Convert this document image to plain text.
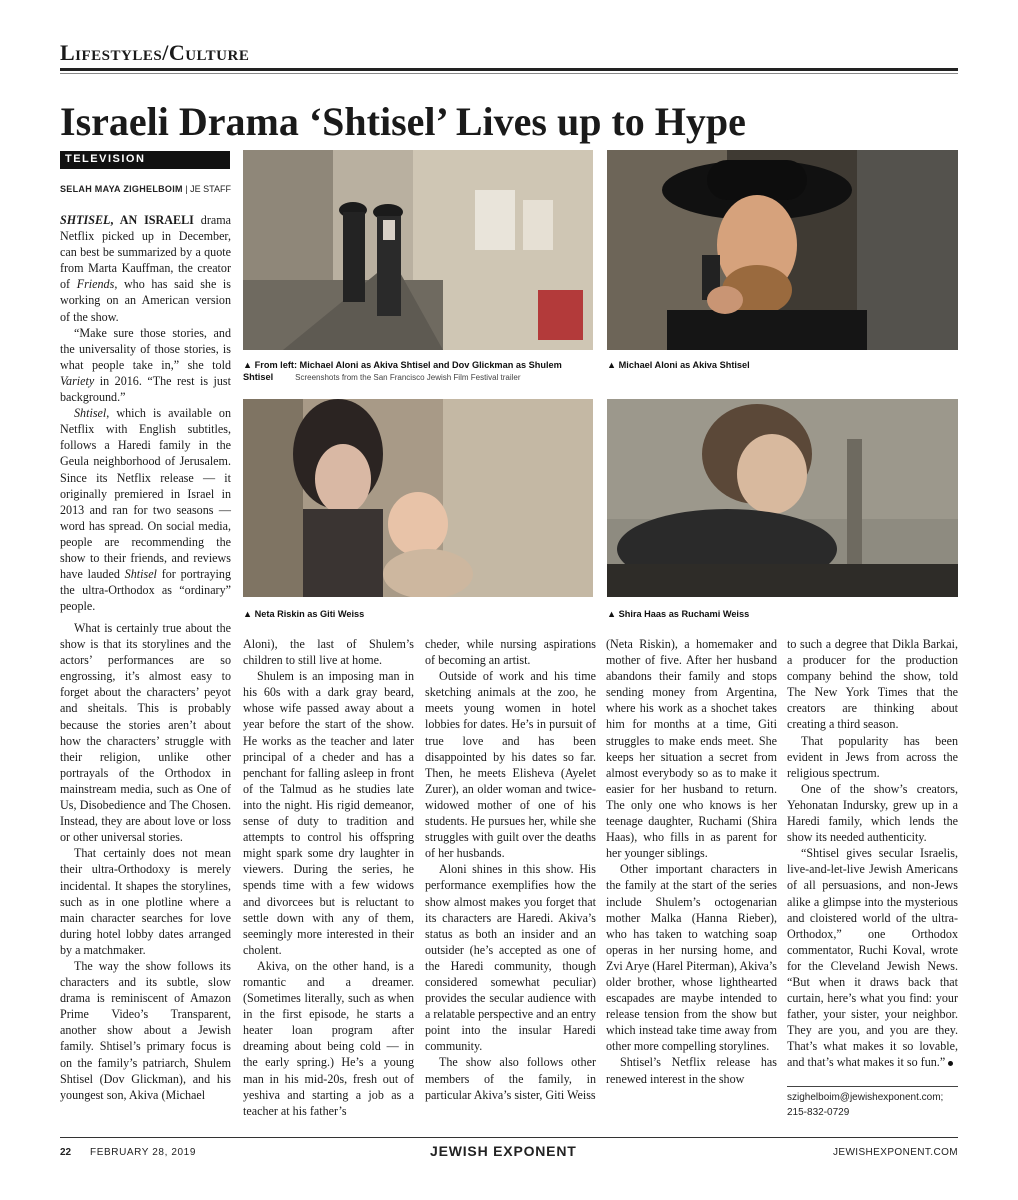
Lifestyles/Culture
Israeli Drama ‘Shtisel’ Lives up to Hype
TELEVISION
SELAH MAYA ZIGHELBOIM | JE STAFF

SHTISEL, AN ISRAELI drama Netflix picked up in December, can best be summarized by a quote from Marta Kauffman, the creator of Friends, who has said she is working on an American version of the show.

“Make sure those stories, and the universality of those stories, is what people take in,” she told Variety in 2016. “The rest is just background.”

Shtisel, which is available on Netflix with English subtitles, follows a Haredi family in the Geula neighborhood of Jerusalem. Since its Netflix release — it originally premiered in Israel in 2013 and ran for two seasons — word has spread. On social media, people are recommending the show to their friends, and reviews have lauded Shtisel for portraying the ultra-Orthodox as “ordinary” people.

What is certainly true about the show is that its storylines and the actors’ performances are so engrossing, it’s almost easy to forget about the characters’ peyot and sheitals. This is probably because the stories aren’t about how the characters’ struggle with their religion, unlike other portrayals of the Orthodox in mainstream media, such as One of Us, Disobedience and The Chosen. Instead, they are about love or loss or other universal stories.

That certainly does not mean their ultra-Orthodoxy is merely incidental. It shapes the storylines, such as in one plotline where a main character searches for love during hotel lobby dates arranged by a matchmaker.

The way the show follows its characters and its subtle, slow drama is reminiscent of Amazon Prime Video’s Transparent, another show about a Jewish family. Shtisel’s primary focus is on the family’s patriarch, Shulem Shtisel (Dov Glickman), and his youngest son, Akiva (Michael

▲ From left: Michael Aloni as Akiva Shtisel and Dov Glickman as Shulem Shtisel	Screenshots from the San Francisco Jewish Film Festival trailer
▲ Michael Aloni as Akiva Shtisel
▲ Neta Riskin as Giti Weiss	▲ Shira Haas as Ruchami Weiss

Aloni), the last of Shulem’s children to still live at home.

Shulem is an imposing man in his 60s with a dark gray beard, whose wife passed away about a year before the start of the show. He works as the teacher and later principal of a cheder and has a penchant for falling asleep in front of the Talmud as he studies late into the night. His rigid demeanor, sense of duty to tradition and attempts to control his offspring might spark some dry laughter in viewers. During the series, he spends time with a few widows and divorcees but is reluctant to settle down with any of them, seemingly more interested in their cholent.

Akiva, on the other hand, is a romantic and a dreamer. (Sometimes literally, such as when in the first episode, he starts a heater loan program after dreaming about being cold — in the early spring.) He’s a young man in his mid-20s, fresh out of yeshiva and starting a job as a teacher at his father’s

cheder, while nursing aspirations of becoming an artist.

Outside of work and his time sketching animals at the zoo, he meets young women in hotel lobbies for dates. He’s in pursuit of true love and has been disappointed by his dates so far. Then, he meets Elisheva (Ayelet Zurer), an older woman and twice-widowed mother of one of his students. He pursues her, while she struggles with guilt over the deaths of her husbands.

Aloni shines in this show. His performance exemplifies how the show almost makes you forget that its characters are Haredi. Akiva’s status as both an insider and an outsider (he’s accepted as one of the Haredi community, though considered somewhat peculiar) provides the secular audience with a relatable perspective and an entry point into the insular Haredi community.

The show also follows other members of the family, in particular Akiva’s sister, Giti Weiss

(Neta Riskin), a homemaker and mother of five. After her husband abandons their family and stops sending money from Argentina, where his work as a shochet takes him for months at a time, Giti struggles to make ends meet. She keeps her situation a secret from almost everybody so as to make it easier for her husband to return. The only one who knows is her teenage daughter, Ruchami (Shira Haas), who fills in as parent for her younger siblings.

Other important characters in the family at the start of the series include Shulem’s octogenarian mother Malka (Hanna Rieber), who has taken to watching soap operas in her nursing home, and Zvi Arye (Harel Piterman), Akiva’s older brother, whose lighthearted escapades are maybe intended to release tension from the show but which instead take time away from other more compelling storylines.

Shtisel’s Netflix release has renewed interest in the show

to such a degree that Dikla Barkai, a producer for the production company behind the show, told The New York Times that the creators are thinking about creating a third season.

That popularity has been evident in Jews from across the religious spectrum.

One of the show’s creators, Yehonatan Indursky, grew up in a Haredi family, which lends the show its needed authenticity.

“Shtisel gives secular Israelis, live-and-let-live Jewish Americans of all persuasions, and non-Jews alike a glimpse into the mysterious and cloistered world of the ultra-Orthodox,” one Orthodox commentator, Ruchi Koval, wrote for the Cleveland Jewish News. “But when it draws back that curtain, here’s what you find: your father, your sister, your neighbor. They are you, and you are they. That’s what makes it so lovable, and that’s what makes it so fun.”

szighelboim@jewishexponent.com;
215-832-0729
22 FEBRUARY 28, 2019	JEWISH EXPONENT	JEWISHEXPONENT.COM
